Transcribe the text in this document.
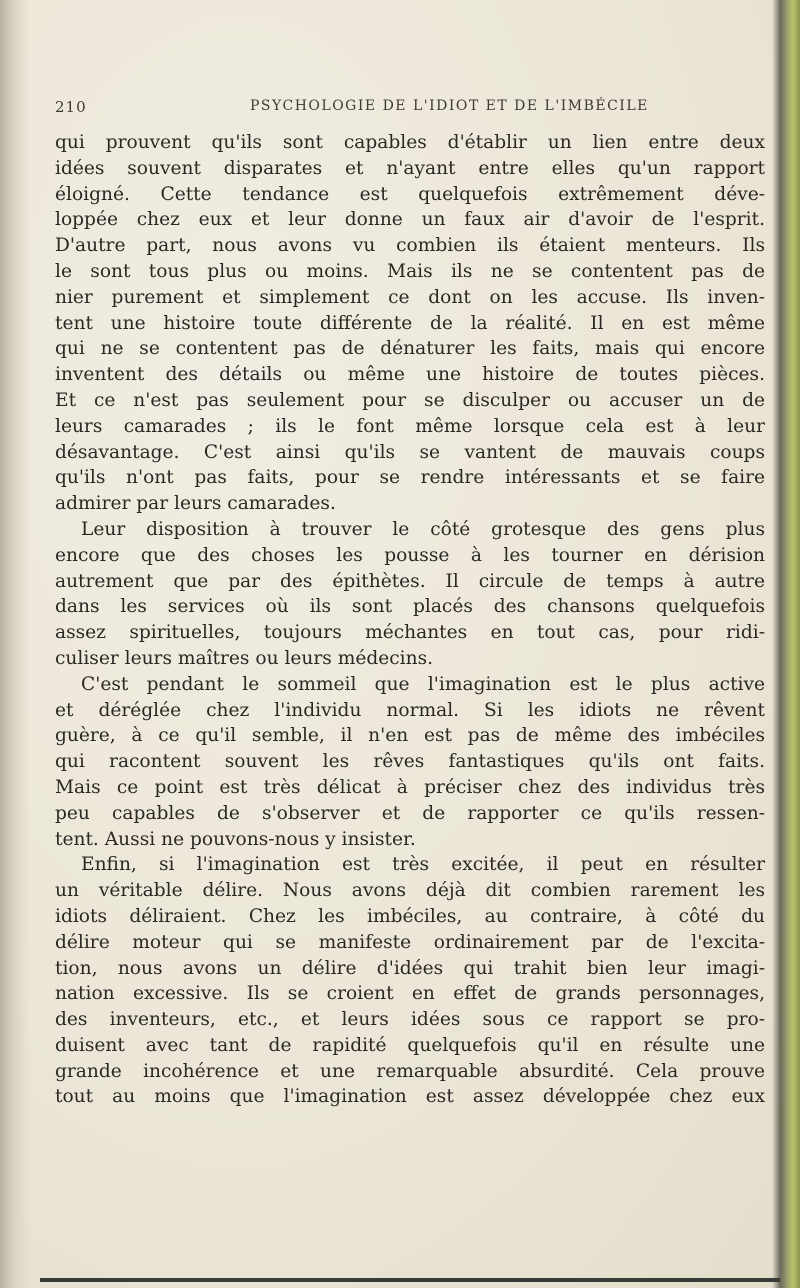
210	PSYCHOLOGIE DE L'IDIOT ET DE L'IMBÉCILE
qui prouvent qu'ils sont capables d'établir un lien entre deux
idées souvent disparates et n'ayant entre elles qu'un rapport
éloigné. Cette tendance est quelquefois extrêmement déve-
loppée chez eux et leur donne un faux air d'avoir de l'esprit.
D'autre part, nous avons vu combien ils étaient menteurs. Ils
le sont tous plus ou moins. Mais ils ne se contentent pas de
nier purement et simplement ce dont on les accuse. Ils inven-
tent une histoire toute différente de la réalité. Il en est même
qui ne se contentent pas de dénaturer les faits, mais qui encore
inventent des détails ou même une histoire de toutes pièces.
Et ce n'est pas seulement pour se disculper ou accuser un de
leurs camarades ; ils le font même lorsque cela est à leur
désavantage. C'est ainsi qu'ils se vantent de mauvais coups
qu'ils n'ont pas faits, pour se rendre intéressants et se faire
admirer par leurs camarades.
Leur disposition à trouver le côté grotesque des gens plus
encore que des choses les pousse à les tourner en dérision
autrement que par des épithètes. Il circule de temps à autre
dans les services où ils sont placés des chansons quelquefois
assez spirituelles, toujours méchantes en tout cas, pour ridi-
culiser leurs maîtres ou leurs médecins.
C'est pendant le sommeil que l'imagination est le plus active
et déréglée chez l'individu normal. Si les idiots ne rêvent
guère, à ce qu'il semble, il n'en est pas de même des imbéciles
qui racontent souvent les rêves fantastiques qu'ils ont faits.
Mais ce point est très délicat à préciser chez des individus très
peu capables de s'observer et de rapporter ce qu'ils ressen-
tent. Aussi ne pouvons-nous y insister.
Enfin, si l'imagination est très excitée, il peut en résulter
un véritable délire. Nous avons déjà dit combien rarement les
idiots déliraient. Chez les imbéciles, au contraire, à côté du
délire moteur qui se manifeste ordinairement par de l'excita-
tion, nous avons un délire d'idées qui trahit bien leur imagi-
nation excessive. Ils se croient en effet de grands personnages,
des inventeurs, etc., et leurs idées sous ce rapport se pro-
duisent avec tant de rapidité quelquefois qu'il en résulte une
grande incohérence et une remarquable absurdité. Cela prouve
tout au moins que l'imagination est assez développée chez eux
